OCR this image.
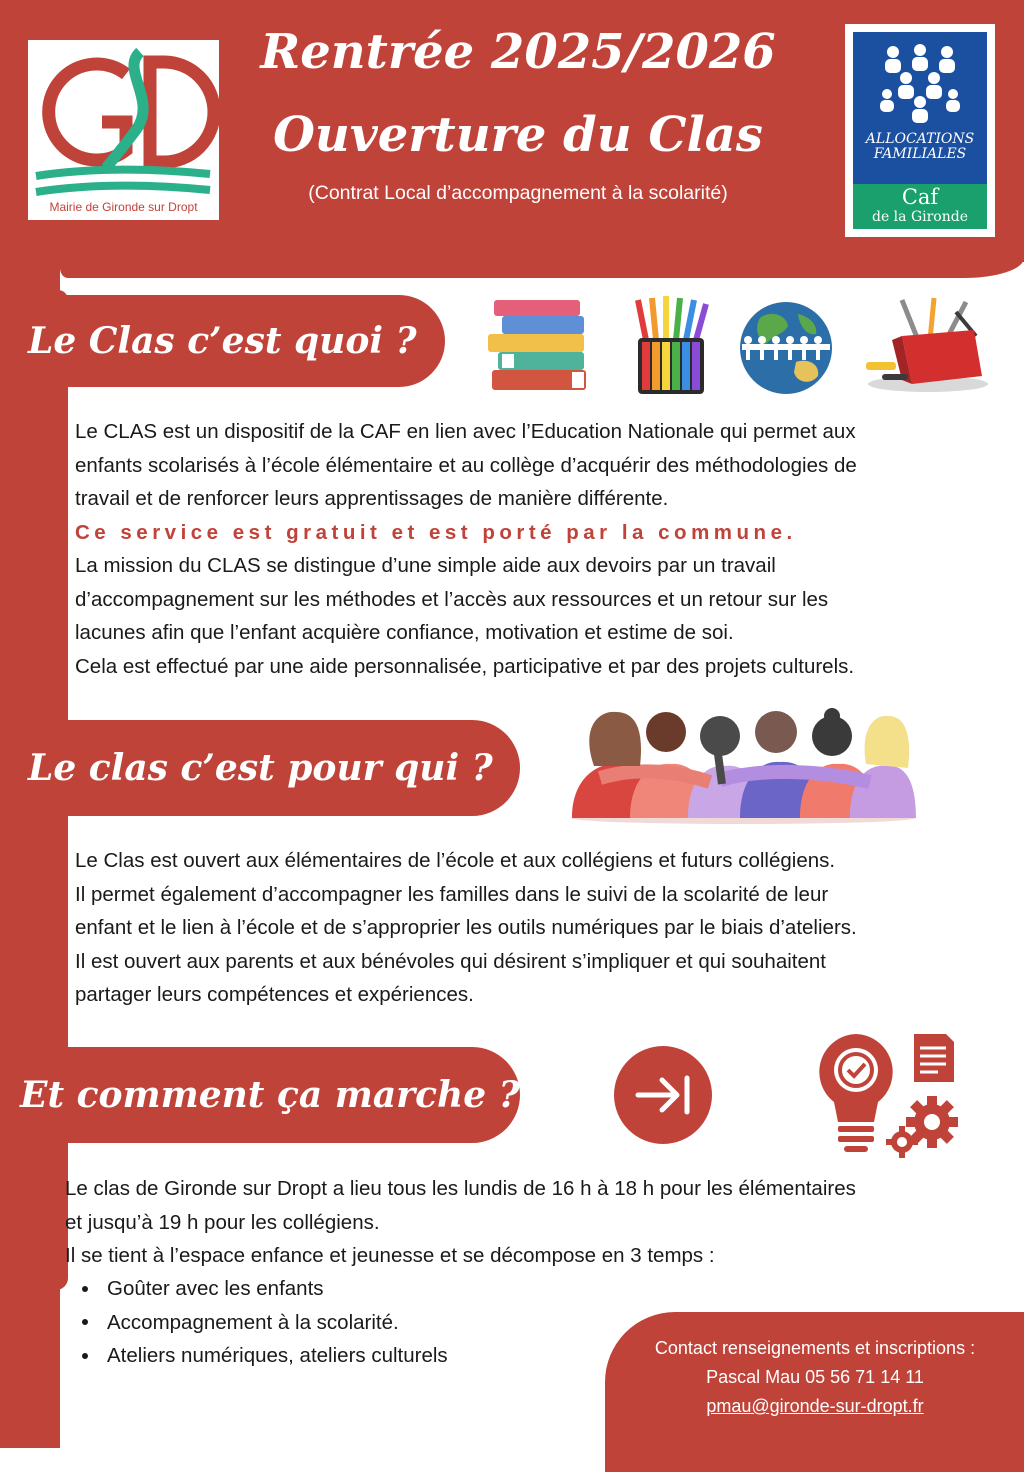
Mairie de Gironde sur Dropt
Rentrée 2025/2026
Ouverture du Clas
(Contrat Local d’accompagnement à la scolarité)
ALLOCATIONS
FAMILIALES
Caf
de la Gironde
Le Clas c’est quoi ?
Le CLAS est un dispositif de la CAF en lien avec l’Education Nationale qui permet aux
enfants scolarisés à l’école élémentaire et au collège d’acquérir des méthodologies de
travail et de renforcer leurs apprentissages de manière différente.
Ce service est gratuit et est porté par la commune.
La mission du CLAS se distingue d’une simple aide aux devoirs par un travail
d’accompagnement sur les méthodes et l’accès aux ressources et un retour sur les
lacunes afin que l’enfant acquière confiance, motivation et estime de soi.
Cela est effectué par une aide personnalisée, participative et par des projets culturels.
Le clas c’est pour qui ?
Le Clas est ouvert aux élémentaires de l’école et aux collégiens et futurs collégiens.
Il permet également d’accompagner les familles dans le suivi de la scolarité de leur
enfant et le lien à l’école et de s’approprier les outils numériques par le biais d’ateliers.
Il est ouvert aux parents et aux bénévoles qui désirent s’impliquer et qui souhaitent
partager leurs compétences et expériences.
Et comment ça marche ?
Le clas de Gironde sur Dropt a lieu tous les lundis de 16 h à 18 h pour les élémentaires
et jusqu’à 19 h pour les collégiens.
Il se tient à l’espace enfance et jeunesse et se décompose en 3 temps :
Goûter avec les enfants
Accompagnement à la scolarité.
Ateliers numériques, ateliers culturels	Contact renseignements et inscriptions :
Pascal Mau 05 56 71 14 11
pmau@gironde-sur-dropt.fr
